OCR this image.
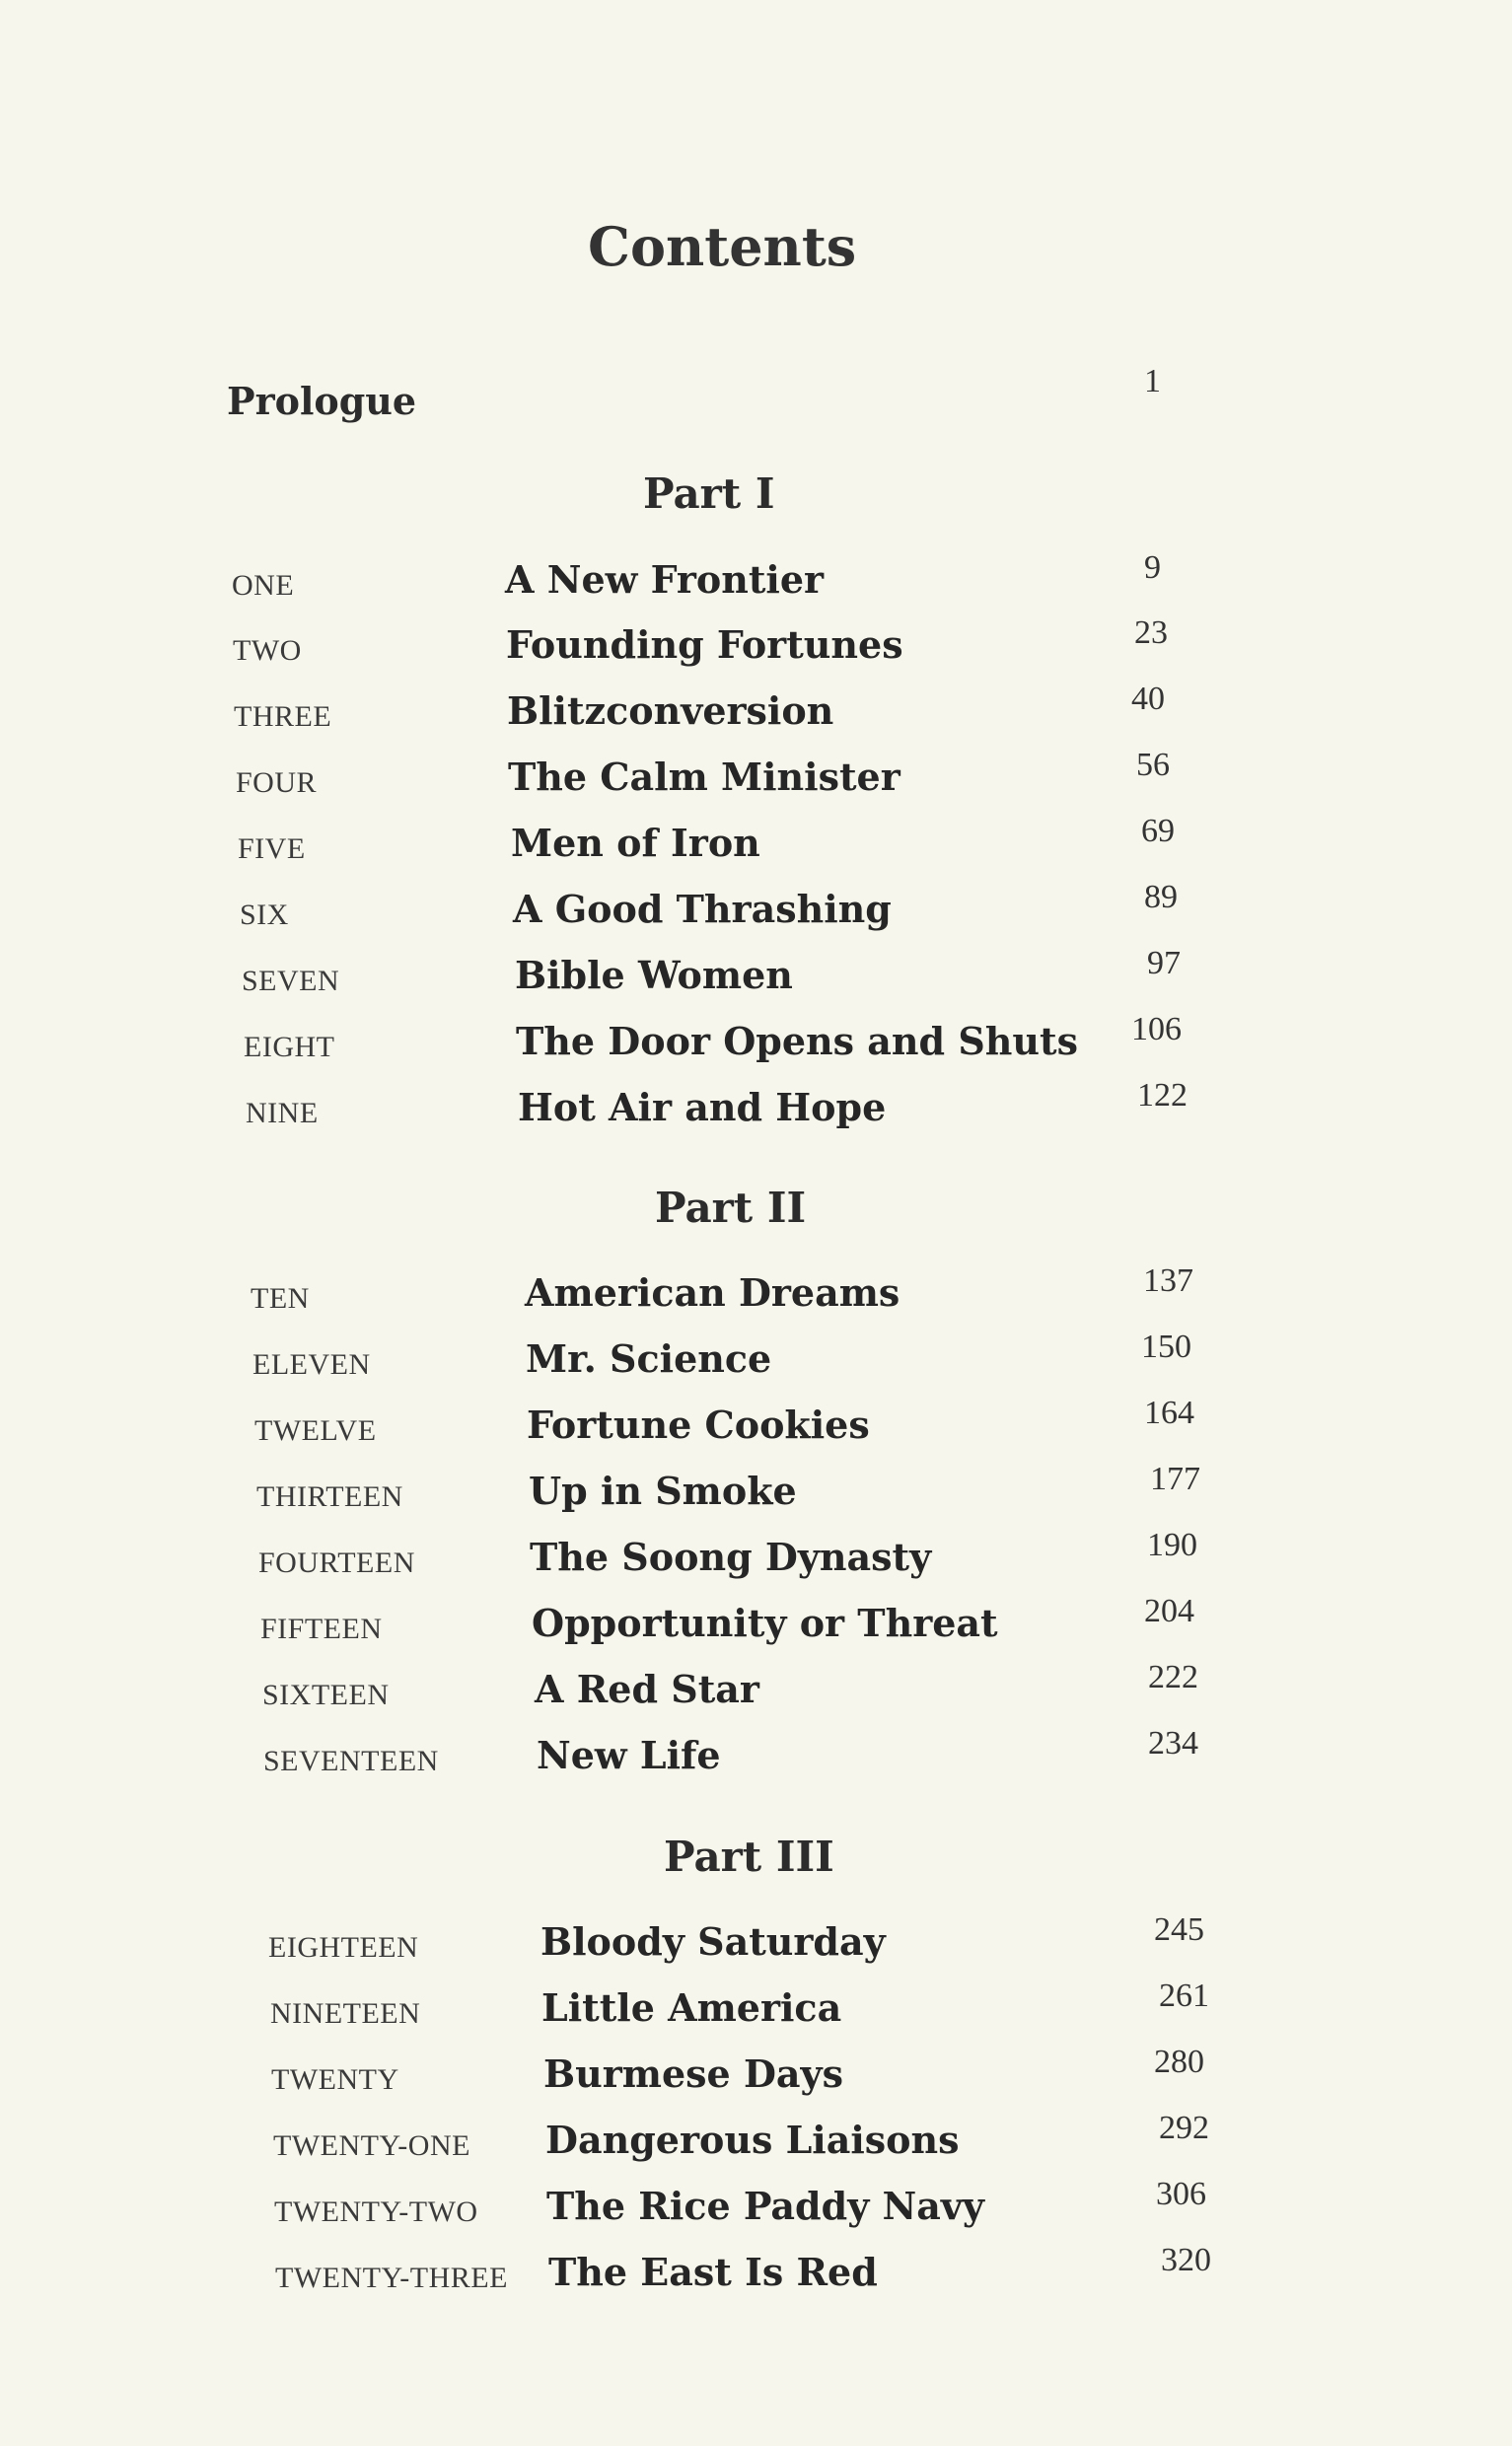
Contents
Prologue	1
Part I
ONE	A New Frontier	9
TWO	Founding Fortunes	23
THREE	Blitzconversion	40
FOUR	The Calm Minister	56
FIVE	Men of Iron	69
SIX	A Good Thrashing	89
SEVEN	Bible Women	97
EIGHT	The Door Opens and Shuts 106
NINE	Hot Air and Hope	122
Part II
TEN	American Dreams	137
ELEVEN	Mr. Science	150
TWELVE	Fortune Cookies	164
THIRTEEN	Up in Smoke	177
FOURTEEN	The Soong Dynasty	190
FIFTEEN	Opportunity or Threat	204
SIXTEEN	A Red Star	222
SEVENTEEN	New Life	234
Part III
EIGHTEEN	Bloody Saturday	245
NINETEEN	Little America	261
TWENTY	Burmese Days	280
TWENTY-ONE Dangerous Liaisons	292
TWENTY-TWO The Rice Paddy Navy	306
TWENTY-THREE The East Is Red	320
